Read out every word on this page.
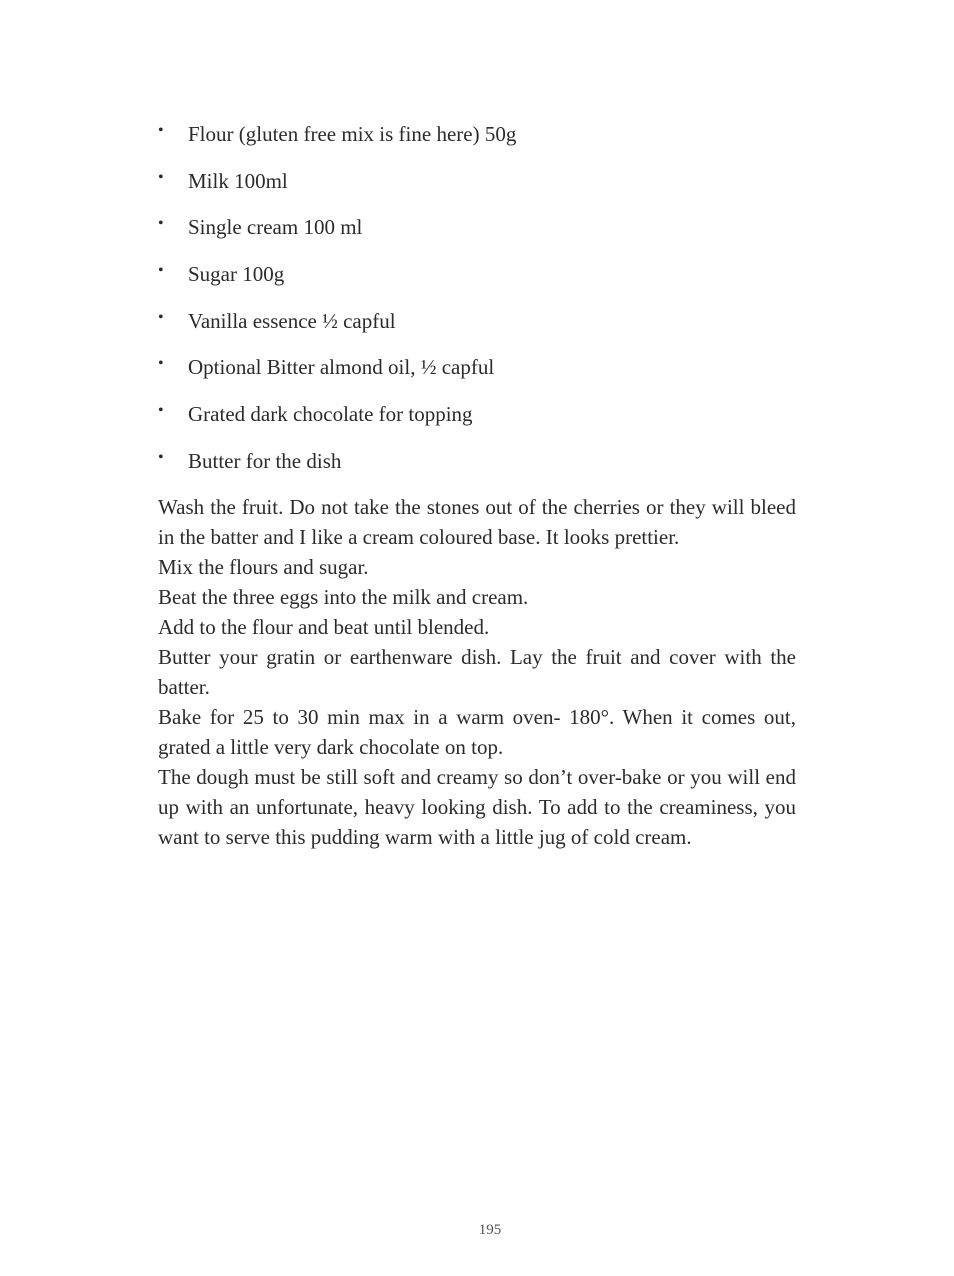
• Flour (gluten free mix is fine here) 50g
• Milk 100ml
• Single cream 100 ml
• Sugar 100g
• Vanilla essence ½ capful
• Optional Bitter almond oil, ½ capful
• Grated dark chocolate for topping
• Butter for the dish

Wash the fruit. Do not take the stones out of the cherries or they will bleed in the batter and I like a cream coloured base. It looks prettier.

Mix the flours and sugar.

Beat the three eggs into the milk and cream.

Add to the flour and beat until blended.

Butter your gratin or earthenware dish. Lay the fruit and cover with the batter.

Bake for 25 to 30 min max in a warm oven- 180°. When it comes out, grated a little very dark chocolate on top.

The dough must be still soft and creamy so don’t over-bake or you will end up with an unfortunate, heavy looking dish. To add to the creaminess, you want to serve this pudding warm with a little jug of cold cream.

195
